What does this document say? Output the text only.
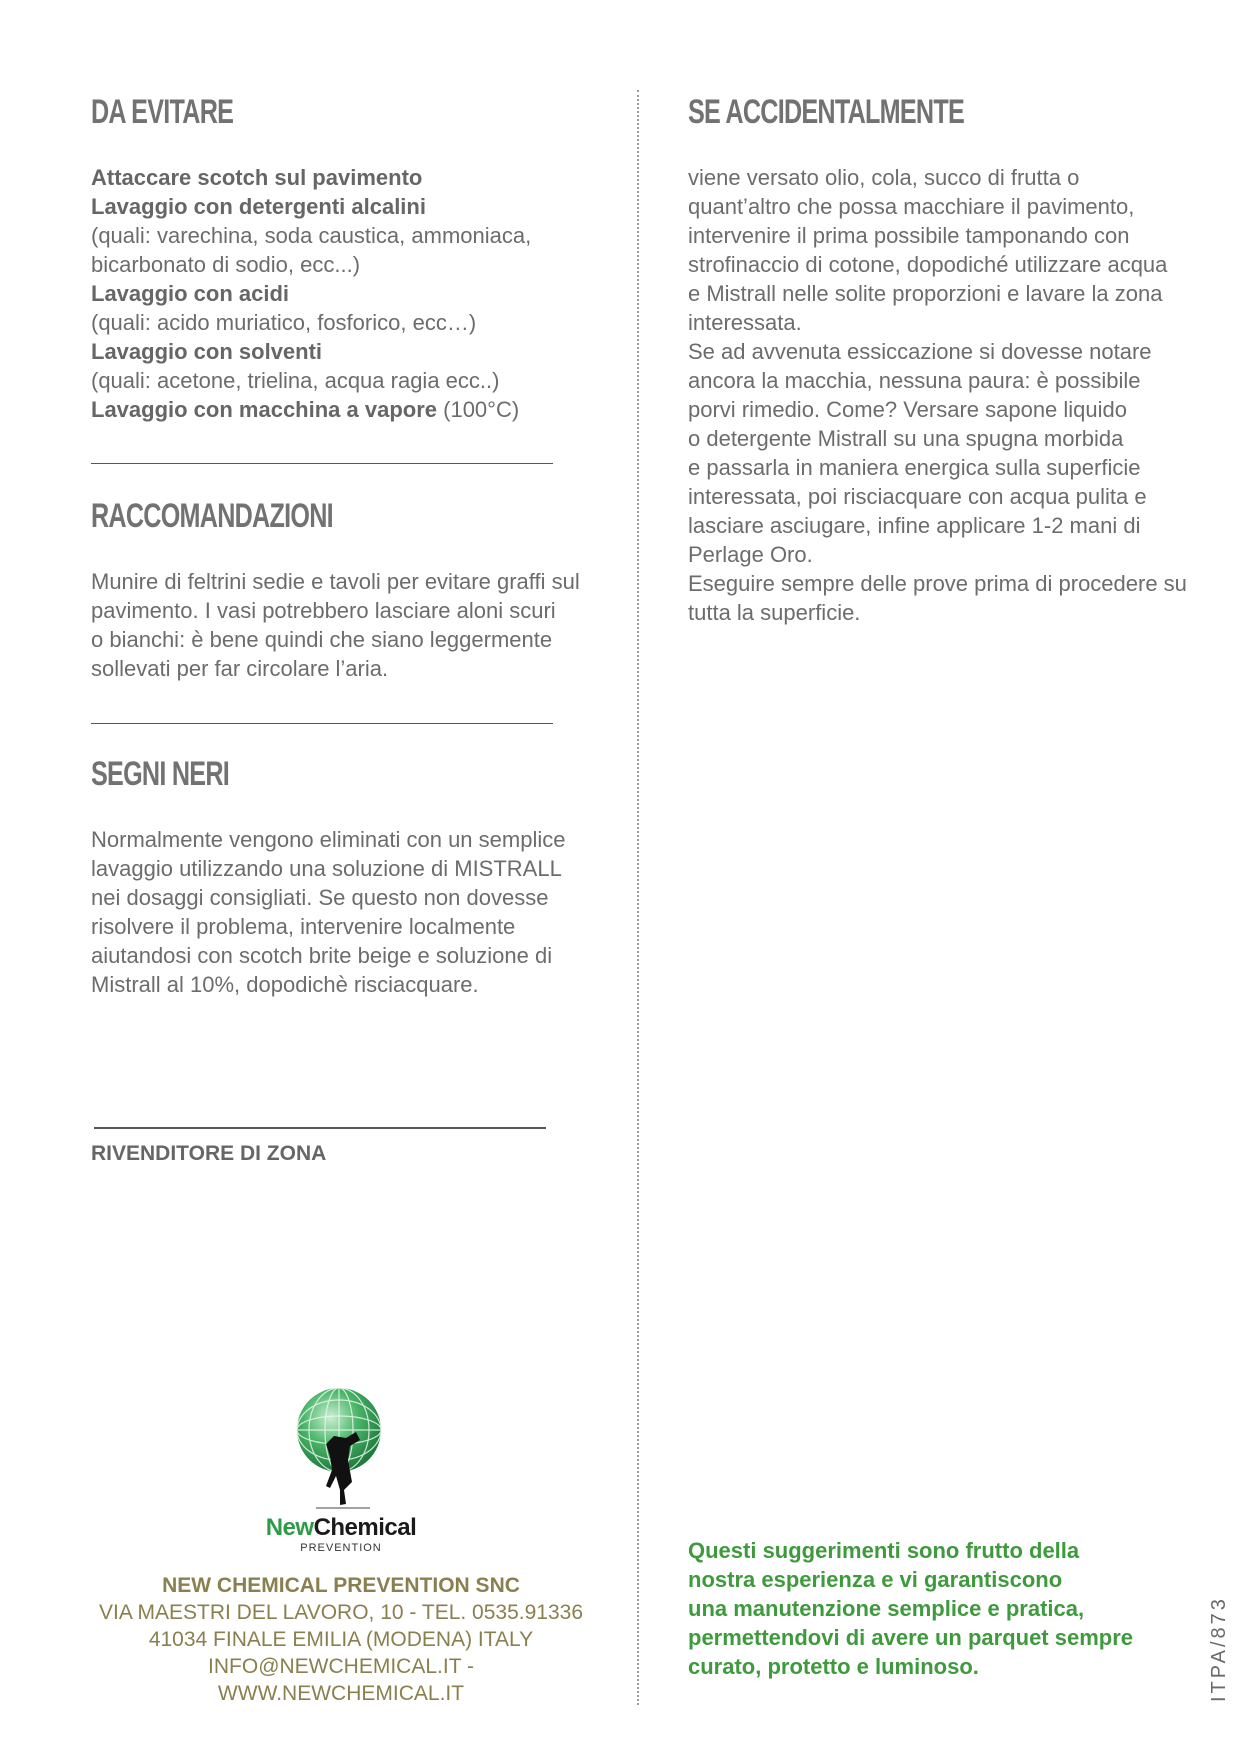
DA EVITARE

Attaccare scotch sul pavimento

Lavaggio con detergenti alcalini

(quali: varechina, soda caustica, ammoniaca,

bicarbonato di sodio, ecc...)

Lavaggio con acidi

(quali: acido muriatico, fosforico, ecc…)

Lavaggio con solventi

(quali: acetone, trielina, acqua ragia ecc..)

Lavaggio con macchina a vapore (100°C)

RACCOMANDAZIONI

Munire di feltrini sedie e tavoli per evitare graffi sul

pavimento. I vasi potrebbero lasciare aloni scuri

o bianchi: è bene quindi che siano leggermente

sollevati per far circolare l’aria.

SEGNI NERI

Normalmente vengono eliminati con un semplice

lavaggio utilizzando una soluzione di MISTRALL

nei dosaggi consigliati. Se questo non dovesse

risolvere il problema, intervenire localmente

aiutandosi con scotch brite beige e soluzione di

Mistrall al 10%, dopodichè risciacquare.

RIVENDITORE DI ZONA
NewChemical
PREVENTION
NEW CHEMICAL PREVENTION SNC
VIA MAESTRI DEL LAVORO, 10 - TEL. 0535.91336
41034 FINALE EMILIA (MODENA) ITALY
INFO@NEWCHEMICAL.IT - WWW.NEWCHEMICAL.IT
SE ACCIDENTALMENTE

viene versato olio, cola, succo di frutta o

quant’altro che possa macchiare il pavimento,

intervenire il prima possibile tamponando con

strofinaccio di cotone, dopodiché utilizzare acqua

e Mistrall nelle solite proporzioni e lavare la zona

interessata.

Se ad avvenuta essiccazione si dovesse notare

ancora la macchia, nessuna paura: è possibile

porvi rimedio. Come? Versare sapone liquido

o detergente Mistrall su una spugna morbida

e passarla in maniera energica sulla superficie

interessata, poi risciacquare con acqua pulita e

lasciare asciugare, infine applicare 1-2 mani di

Perlage Oro.

Eseguire sempre delle prove prima di procedere su

tutta la superficie.

Questi suggerimenti sono frutto della
nostra esperienza e vi garantiscono
una manutenzione semplice e pratica,
permettendovi di avere un parquet sempre
curato, protetto e luminoso.	ITPA/873
